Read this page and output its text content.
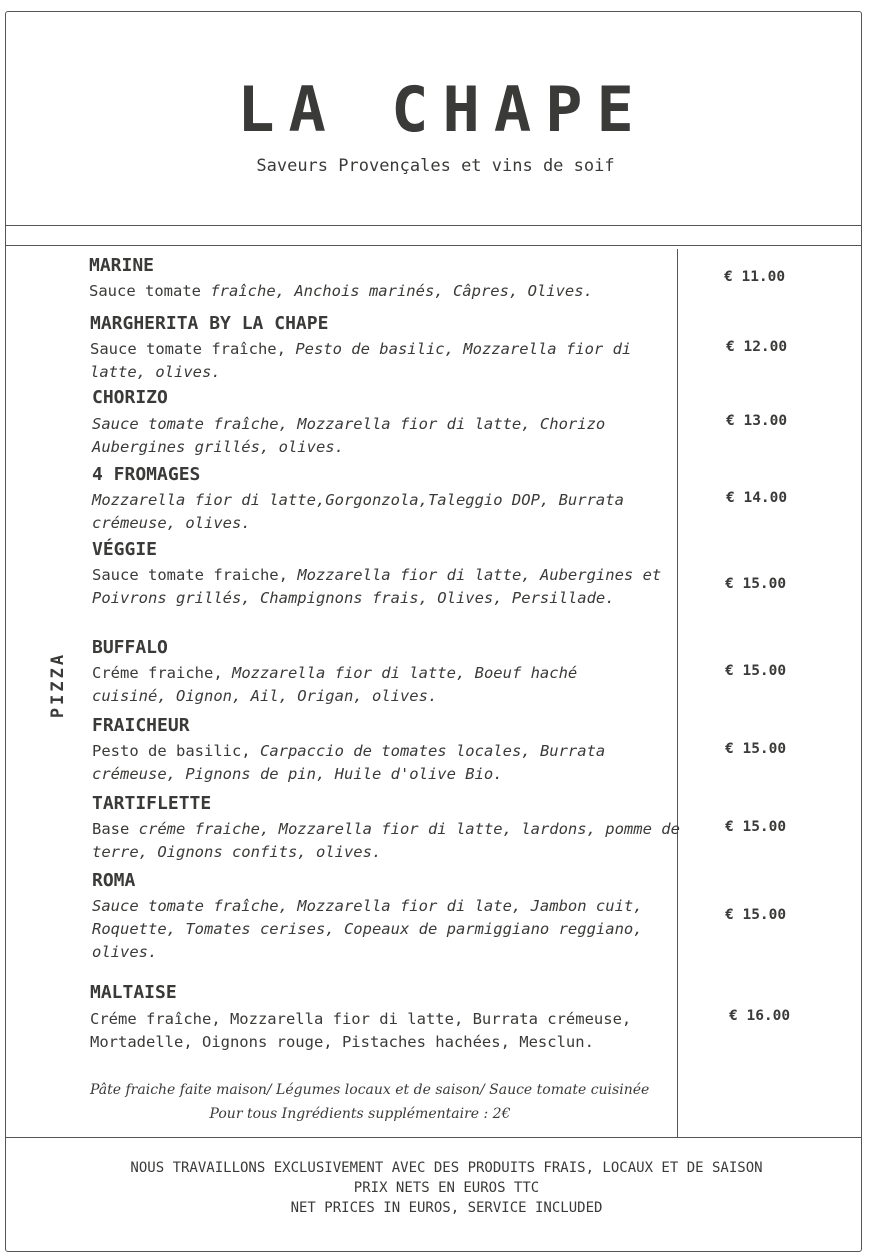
LA CHAPE
Saveurs Provençales et vins de soif
PIZZA
MARINE
Sauce tomate fraîche, Anchois marinés, Câpres, Olives.
€ 11.00
MARGHERITA BY LA CHAPE
Sauce tomate fraîche, Pesto de basilic, Mozzarella fior di latte, olives.
€ 12.00
CHORIZO
Sauce tomate fraîche, Mozzarella fior di latte, Chorizo Aubergines grillés, olives.
€ 13.00
4 FROMAGES
Mozzarella fior di latte,Gorgonzola,Taleggio DOP, Burrata crémeuse, olives.
€ 14.00
VÉGGIE
Sauce tomate fraiche, Mozzarella fior di latte, Aubergines et Poivrons grillés, Champignons frais, Olives, Persillade.
€ 15.00
BUFFALO
Créme fraiche, Mozzarella fior di latte, Boeuf haché cuisiné, Oignon, Ail, Origan, olives.
€ 15.00
FRAICHEUR
Pesto de basilic, Carpaccio de tomates locales, Burrata crémeuse, Pignons de pin, Huile d'olive Bio.
€ 15.00
TARTIFLETTE
Base créme fraiche, Mozzarella fior di latte, lardons, pomme de terre, Oignons confits, olives.
€ 15.00
ROMA
Sauce tomate fraîche, Mozzarella fior di late, Jambon cuit, Roquette, Tomates cerises, Copeaux de parmiggiano reggiano, olives.
€ 15.00
MALTAISE
Créme fraîche, Mozzarella fior di latte, Burrata crémeuse, Mortadelle, Oignons rouge, Pistaches hachées, Mesclun.
€ 16.00
Pâte fraiche faite maison/ Légumes locaux et de saison/ Sauce tomate cuisinée
Pour tous Ingrédients supplémentaire : 2€
NOUS TRAVAILLONS EXCLUSIVEMENT AVEC DES PRODUITS FRAIS, LOCAUX ET DE SAISON
PRIX NETS EN EUROS TTC
NET PRICES IN EUROS, SERVICE INCLUDED
